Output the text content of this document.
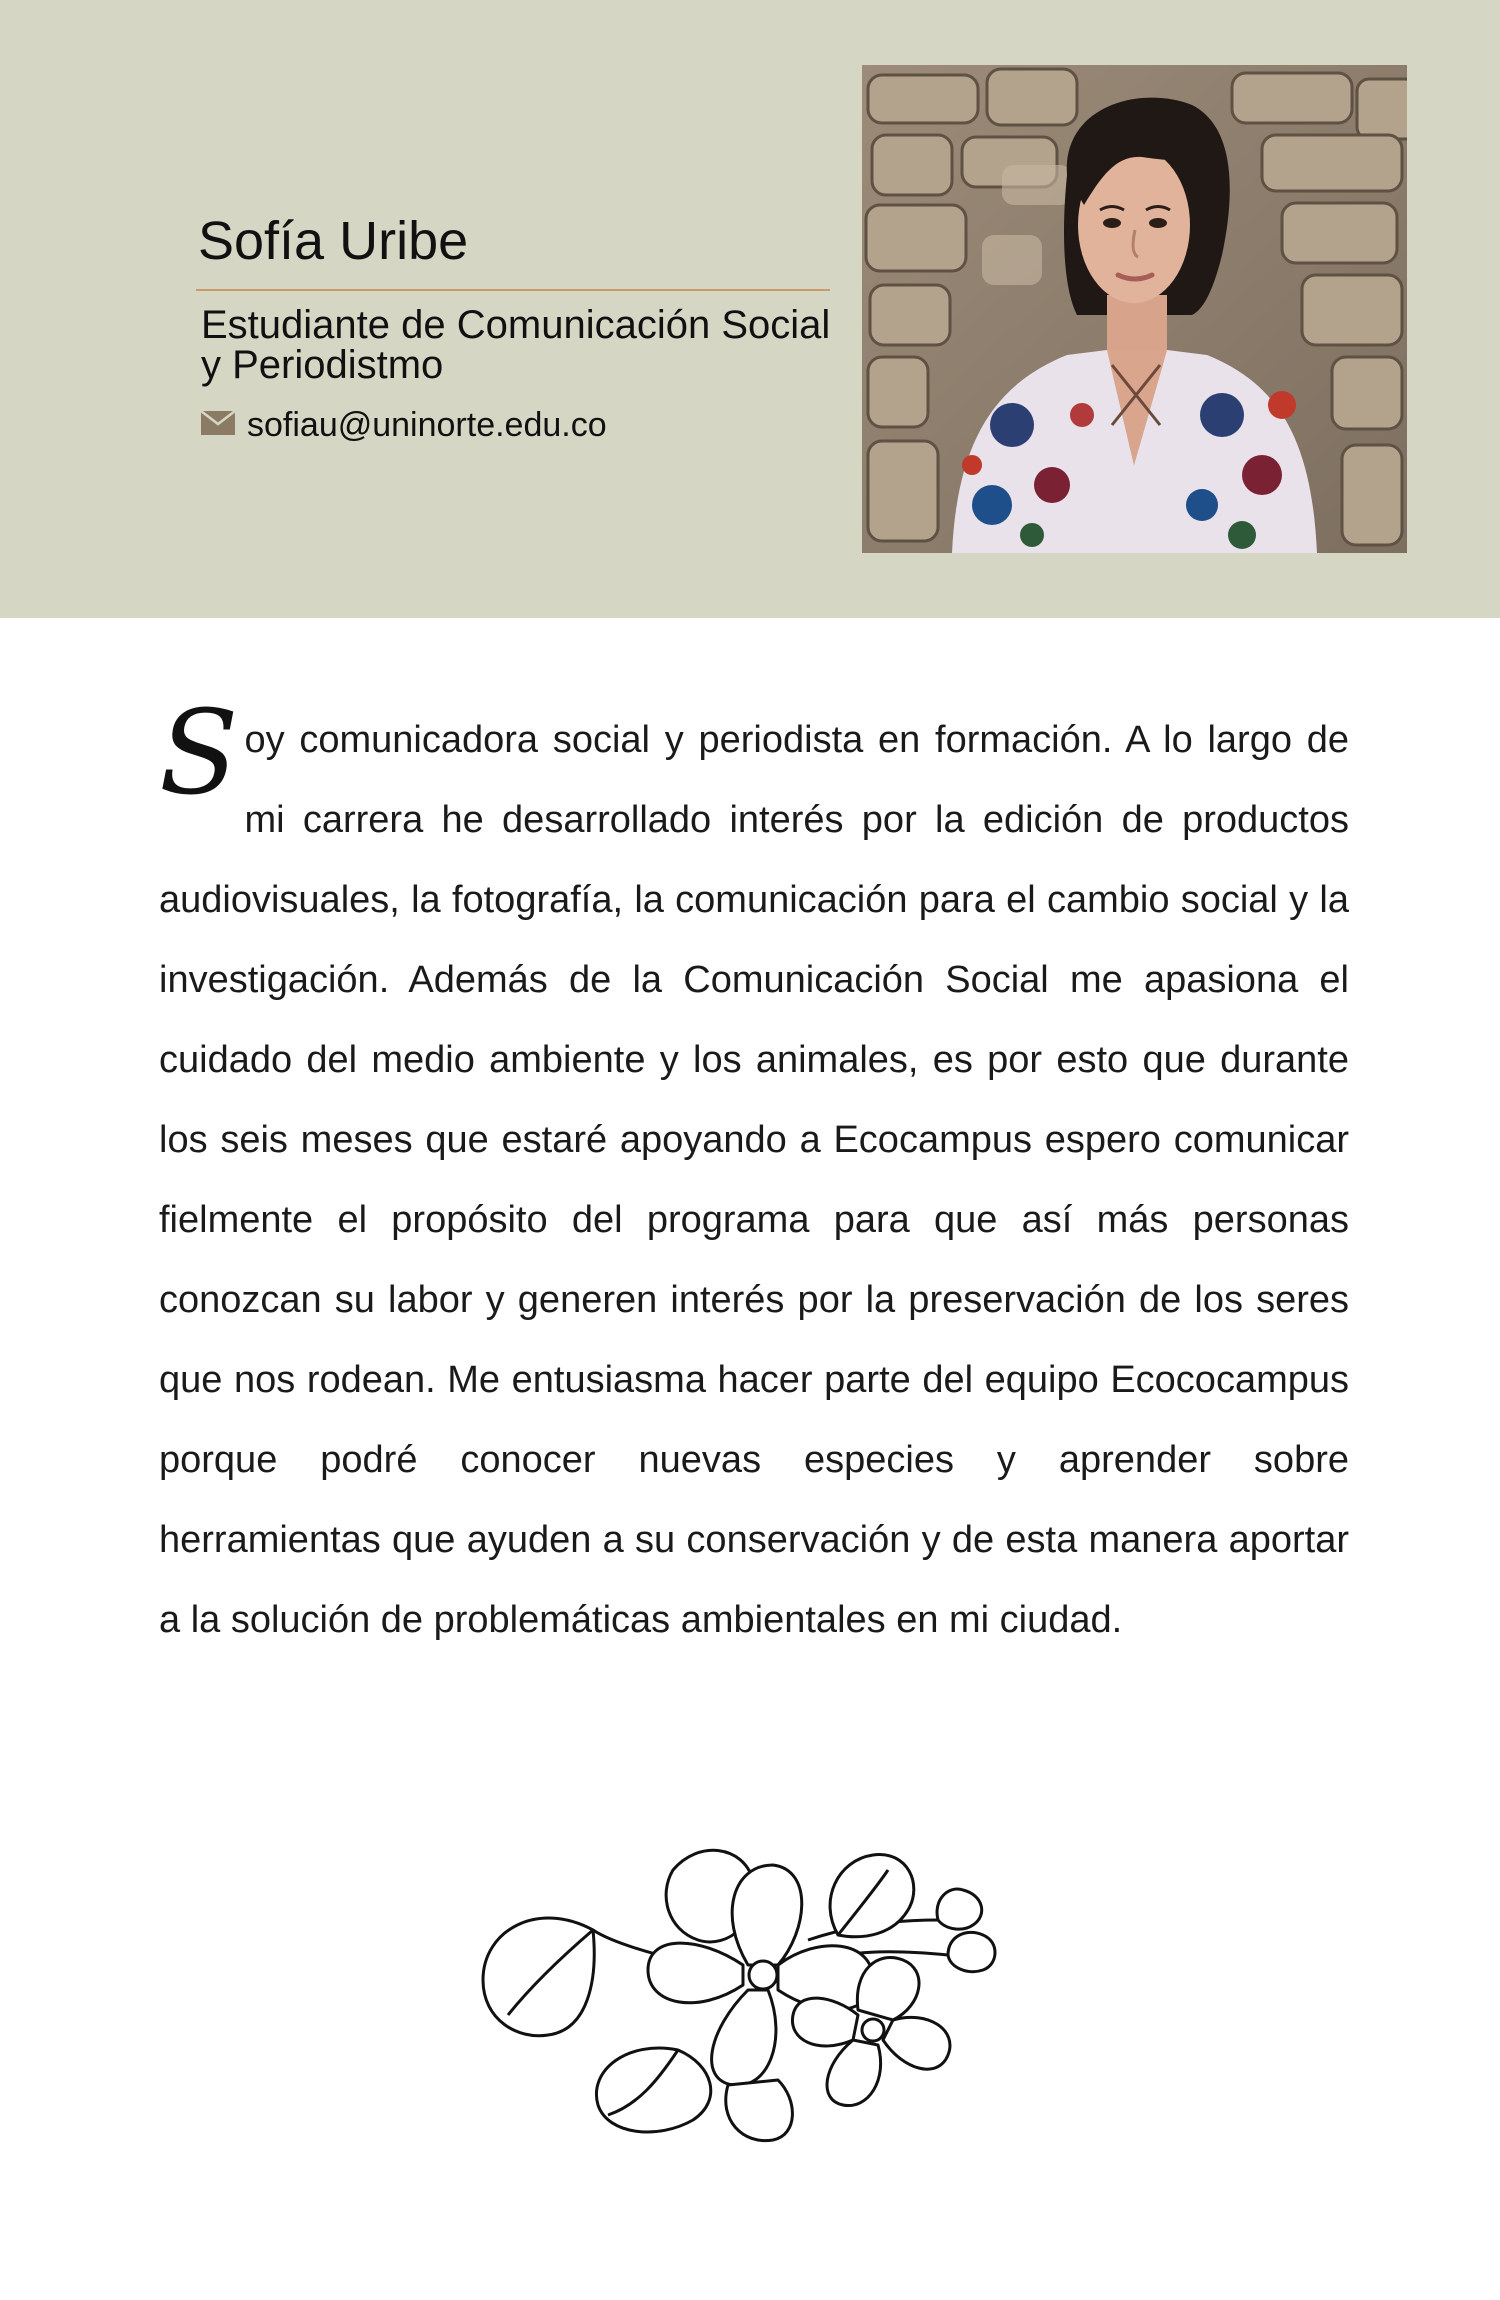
Sofía Uribe
Estudiante de Comunicación Social y Periodistmo
sofiau@uninorte.edu.co

Soy comunicadora social y periodista en formación. A lo largo de mi carrera he desarrollado interés por la edición de productos audiovisuales, la fotografía, la comunicación para el cambio social y la investigación. Además de la Comunicación Social me apasiona el cuidado del medio ambiente y los animales, es por esto que durante los seis meses que estaré apoyando a Ecocampus espero comunicar fielmente el propósito del programa para que así más personas conozcan su labor y generen interés por la preservación de los seres que nos rodean. Me entusiasma hacer parte del equipo Ecococampus porque podré conocer nuevas especies y aprender sobre herramientas que ayuden a su conservación y de esta manera aportar a la solución de problemáticas ambientales en mi ciudad.
